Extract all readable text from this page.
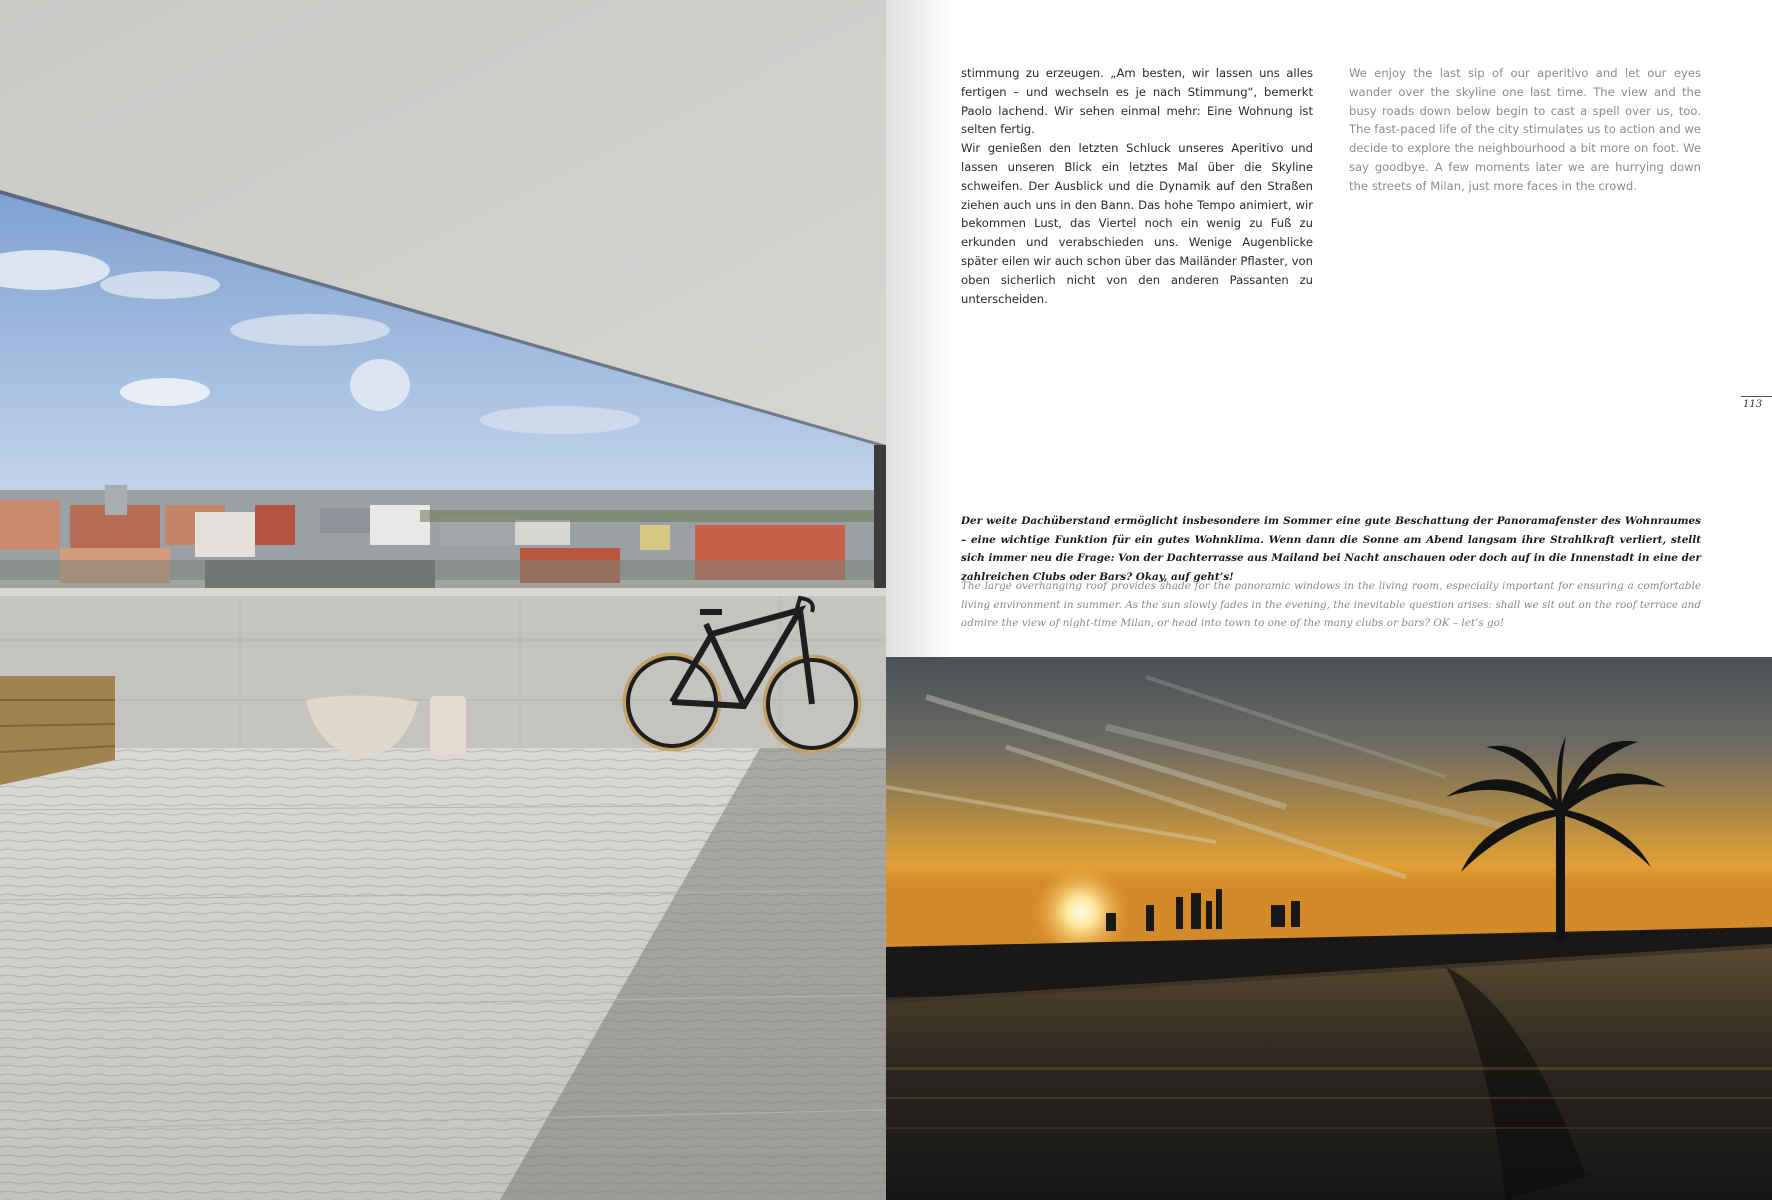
stimmung zu erzeugen. „Am besten, wir lassen uns alles fertigen – und wechseln es je nach Stimmung“, bemerkt Paolo lachend. Wir sehen einmal mehr: Eine Wohnung ist selten fertig.

Wir genießen den letzten Schluck unseres Aperitivo und lassen unseren Blick ein letztes Mal über die Skyline schweifen. Der Ausblick und die Dynamik auf den Straßen ziehen auch uns in den Bann. Das hohe Tempo animiert, wir bekommen Lust, das Viertel noch ein wenig zu Fuß zu erkunden und verabschieden uns. Wenige Augenblicke später eilen wir auch schon über das Mailänder Pflaster, von oben sicherlich nicht von den anderen Passanten zu unterscheiden.

We enjoy the last sip of our aperitivo and let our eyes wander over the skyline one last time. The view and the busy roads down below begin to cast a spell over us, too. The fast-paced life of the city stimulates us to action and we decide to explore the neighbourhood a bit more on foot. We say goodbye. A few moments later we are hurrying down the streets of Milan, just more faces in the crowd.

113
Der weite Dachüberstand ermöglicht insbesondere im Sommer eine gute Beschattung der Panoramafenster des Wohnraumes – eine wichtige Funktion für ein gutes Wohnklima. Wenn dann die Sonne am Abend langsam ihre Strahlkraft verliert, stellt sich immer neu die Frage: Von der Dachterrasse aus Mailand bei Nacht anschauen oder doch auf in die Innenstadt in eine der zahlreichen Clubs oder Bars? Okay, auf geht’s!
The large overhanging roof provides shade for the panoramic windows in the living room, especially important for ensuring a comfortable living environment in summer. As the sun slowly fades in the evening, the inevitable question arises: shall we sit out on the roof terrace and admire the view of night-time Milan, or head into town to one of the many clubs or bars? OK – let’s go!
